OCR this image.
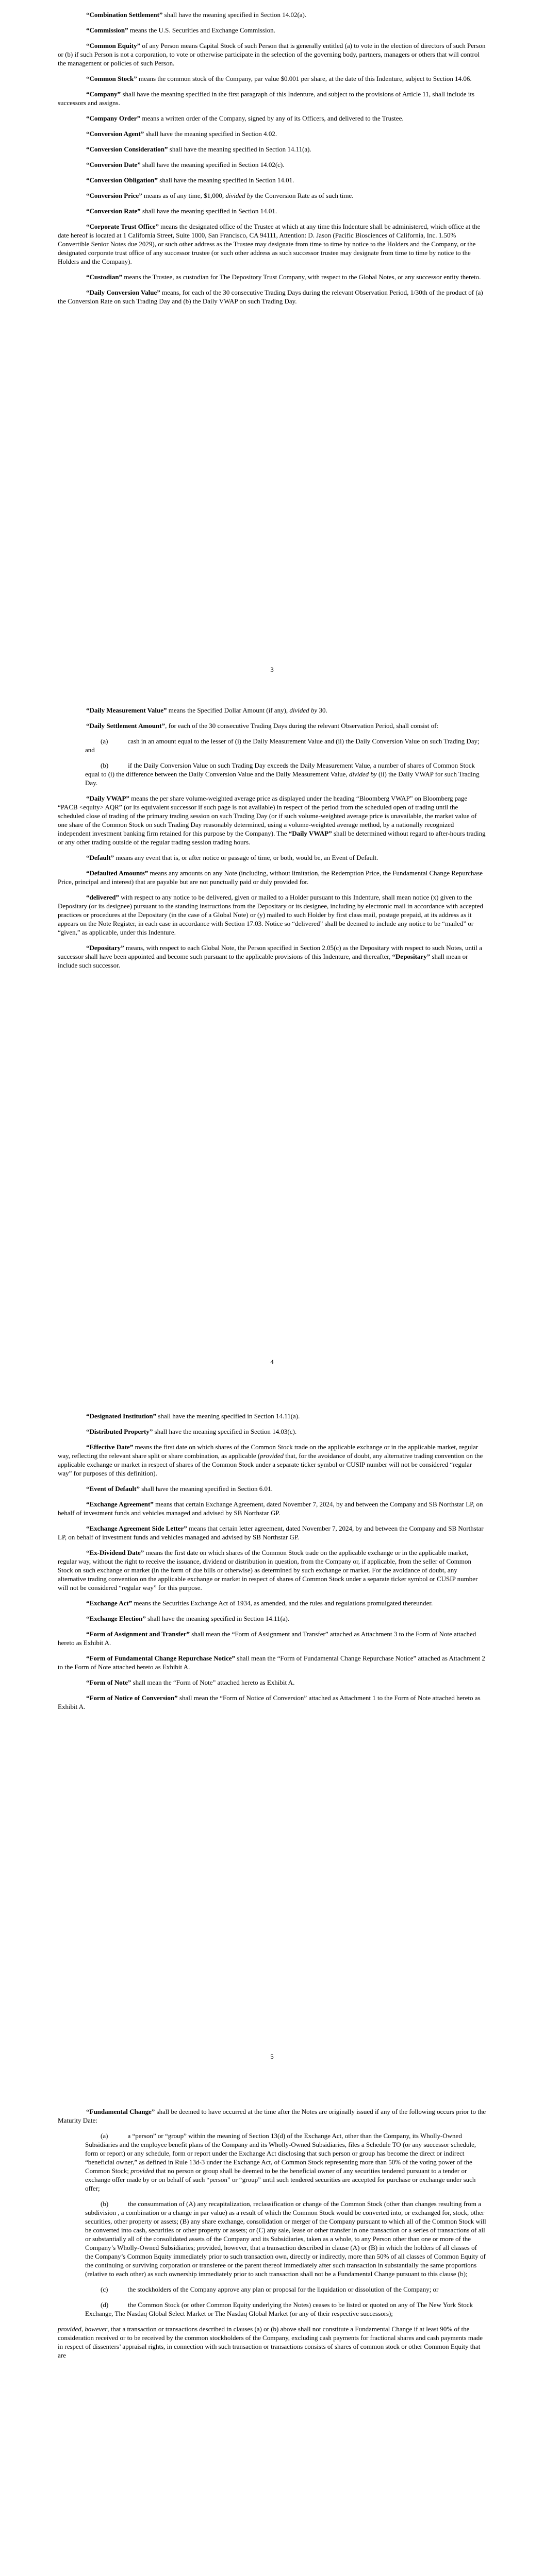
“Combination Settlement” shall have the meaning specified in Section 14.02(a).

“Commission” means the U.S. Securities and Exchange Commission.

“Common Equity” of any Person means Capital Stock of such Person that is generally entitled (a) to vote in the election of directors of such Person or (b) if such Person is not a corporation, to vote or otherwise participate in the selection of the governing body, partners, managers or others that will control the management or policies of such Person.

“Common Stock” means the common stock of the Company, par value $0.001 per share, at the date of this Indenture, subject to Section 14.06.

“Company” shall have the meaning specified in the first paragraph of this Indenture, and subject to the provisions of Article 11, shall include its successors and assigns.

“Company Order” means a written order of the Company, signed by any of its Officers, and delivered to the Trustee.

“Conversion Agent” shall have the meaning specified in Section 4.02.

“Conversion Consideration” shall have the meaning specified in Section 14.11(a).

“Conversion Date” shall have the meaning specified in Section 14.02(c).

“Conversion Obligation” shall have the meaning specified in Section 14.01.

“Conversion Price” means as of any time, $1,000, divided by the Conversion Rate as of such time.

“Conversion Rate” shall have the meaning specified in Section 14.01.

“Corporate Trust Office” means the designated office of the Trustee at which at any time this Indenture shall be administered, which office at the date hereof is located at 1 California Street, Suite 1000, San Francisco, CA 94111, Attention: D. Jason (Pacific Biosciences of California, Inc. 1.50% Convertible Senior Notes due 2029), or such other address as the Trustee may designate from time to time by notice to the Holders and the Company, or the designated corporate trust office of any successor trustee (or such other address as such successor trustee may designate from time to time by notice to the Holders and the Company).

“Custodian” means the Trustee, as custodian for The Depository Trust Company, with respect to the Global Notes, or any successor entity thereto.

“Daily Conversion Value” means, for each of the 30 consecutive Trading Days during the relevant Observation Period, 1/30th of the product of (a) the Conversion Rate on such Trading Day and (b) the Daily VWAP on such Trading Day.

3

“Daily Measurement Value” means the Specified Dollar Amount (if any), divided by 30.

“Daily Settlement Amount”, for each of the 30 consecutive Trading Days during the relevant Observation Period, shall consist of:

(a)	cash in an amount equal to the lesser of (i) the Daily Measurement Value and (ii) the Daily Conversion Value on such Trading Day; and

(b)	if the Daily Conversion Value on such Trading Day exceeds the Daily Measurement Value, a number of shares of Common Stock equal to (i) the difference between the Daily Conversion Value and the Daily Measurement Value, divided by (ii) the Daily VWAP for such Trading Day.

“Daily VWAP” means the per share volume-weighted average price as displayed under the heading “Bloomberg VWAP” on Bloomberg page “PACB <equity> AQR” (or its equivalent successor if such page is not available) in respect of the period from the scheduled open of trading until the scheduled close of trading of the primary trading session on such Trading Day (or if such volume-weighted average price is unavailable, the market value of one share of the Common Stock on such Trading Day reasonably determined, using a volume-weighted average method, by a nationally recognized independent investment banking firm retained for this purpose by the Company). The “Daily VWAP” shall be determined without regard to after-hours trading or any other trading outside of the regular trading session trading hours.

“Default” means any event that is, or after notice or passage of time, or both, would be, an Event of Default.

“Defaulted Amounts” means any amounts on any Note (including, without limitation, the Redemption Price, the Fundamental Change Repurchase Price, principal and interest) that are payable but are not punctually paid or duly provided for.

“delivered” with respect to any notice to be delivered, given or mailed to a Holder pursuant to this Indenture, shall mean notice (x) given to the Depositary (or its designee) pursuant to the standing instructions from the Depositary or its designee, including by electronic mail in accordance with accepted practices or procedures at the Depositary (in the case of a Global Note) or (y) mailed to such Holder by first class mail, postage prepaid, at its address as it appears on the Note Register, in each case in accordance with Section 17.03. Notice so “delivered” shall be deemed to include any notice to be “mailed” or “given,” as applicable, under this Indenture.

“Depositary” means, with respect to each Global Note, the Person specified in Section 2.05(c) as the Depositary with respect to such Notes, until a successor shall have been appointed and become such pursuant to the applicable provisions of this Indenture, and thereafter, “Depositary” shall mean or include such successor.

4

“Designated Institution” shall have the meaning specified in Section 14.11(a).

“Distributed Property” shall have the meaning specified in Section 14.03(c).

“Effective Date” means the first date on which shares of the Common Stock trade on the applicable exchange or in the applicable market, regular way, reflecting the relevant share split or share combination, as applicable (provided that, for the avoidance of doubt, any alternative trading convention on the applicable exchange or market in respect of shares of the Common Stock under a separate ticker symbol or CUSIP number will not be considered “regular way” for purposes of this definition).

“Event of Default” shall have the meaning specified in Section 6.01.

“Exchange Agreement” means that certain Exchange Agreement, dated November 7, 2024, by and between the Company and SB Northstar LP, on behalf of investment funds and vehicles managed and advised by SB Northstar GP.

“Exchange Agreement Side Letter” means that certain letter agreement, dated November 7, 2024, by and between the Company and SB Northstar LP, on behalf of investment funds and vehicles managed and advised by SB Northstar GP.

“Ex-Dividend Date” means the first date on which shares of the Common Stock trade on the applicable exchange or in the applicable market, regular way, without the right to receive the issuance, dividend or distribution in question, from the Company or, if applicable, from the seller of Common Stock on such exchange or market (in the form of due bills or otherwise) as determined by such exchange or market. For the avoidance of doubt, any alternative trading convention on the applicable exchange or market in respect of shares of Common Stock under a separate ticker symbol or CUSIP number will not be considered “regular way” for this purpose.

“Exchange Act” means the Securities Exchange Act of 1934, as amended, and the rules and regulations promulgated thereunder.

“Exchange Election” shall have the meaning specified in Section 14.11(a).

“Form of Assignment and Transfer” shall mean the “Form of Assignment and Transfer” attached as Attachment 3 to the Form of Note attached hereto as Exhibit A.

“Form of Fundamental Change Repurchase Notice” shall mean the “Form of Fundamental Change Repurchase Notice” attached as Attachment 2 to the Form of Note attached hereto as Exhibit A.

“Form of Note” shall mean the “Form of Note” attached hereto as Exhibit A.

“Form of Notice of Conversion” shall mean the “Form of Notice of Conversion” attached as Attachment 1 to the Form of Note attached hereto as Exhibit A.

5

“Fundamental Change” shall be deemed to have occurred at the time after the Notes are originally issued if any of the following occurs prior to the Maturity Date:

(a)	a “person” or “group” within the meaning of Section 13(d) of the Exchange Act, other than the Company, its Wholly-Owned Subsidiaries and the employee benefit plans of the Company and its Wholly-Owned Subsidiaries, files a Schedule TO (or any successor schedule, form or report) or any schedule, form or report under the Exchange Act disclosing that such person or group has become the direct or indirect “beneficial owner,” as defined in Rule 13d-3 under the Exchange Act, of Common Stock representing more than 50% of the voting power of the Common Stock; provided that no person or group shall be deemed to be the beneficial owner of any securities tendered pursuant to a tender or exchange offer made by or on behalf of such “person” or “group” until such tendered securities are accepted for purchase or exchange under such offer;

(b)	the consummation of (A) any recapitalization, reclassification or change of the Common Stock (other than changes resulting from a subdivision , a combination or a change in par value) as a result of which the Common Stock would be converted into, or exchanged for, stock, other securities, other property or assets; (B) any share exchange, consolidation or merger of the Company pursuant to which all of the Common Stock will be converted into cash, securities or other property or assets; or (C) any sale, lease or other transfer in one transaction or a series of transactions of all or substantially all of the consolidated assets of the Company and its Subsidiaries, taken as a whole, to any Person other than one or more of the Company’s Wholly-Owned Subsidiaries; provided, however, that a transaction described in clause (A) or (B) in which the holders of all classes of the Company’s Common Equity immediately prior to such transaction own, directly or indirectly, more than 50% of all classes of Common Equity of the continuing or surviving corporation or transferee or the parent thereof immediately after such transaction in substantially the same proportions (relative to each other) as such ownership immediately prior to such transaction shall not be a Fundamental Change pursuant to this clause (b);

(c)	the stockholders of the Company approve any plan or proposal for the liquidation or dissolution of the Company; or

(d)	the Common Stock (or other Common Equity underlying the Notes) ceases to be listed or quoted on any of The New York Stock Exchange, The Nasdaq Global Select Market or The Nasdaq Global Market (or any of their respective successors);

provided, however, that a transaction or transactions described in clauses (a) or (b) above shall not constitute a Fundamental Change if at least 90% of the consideration received or to be received by the common stockholders of the Company, excluding cash payments for fractional shares and cash payments made in respect of dissenters’ appraisal rights, in connection with such transaction or transactions consists of shares of common stock or other Common Equity that are
